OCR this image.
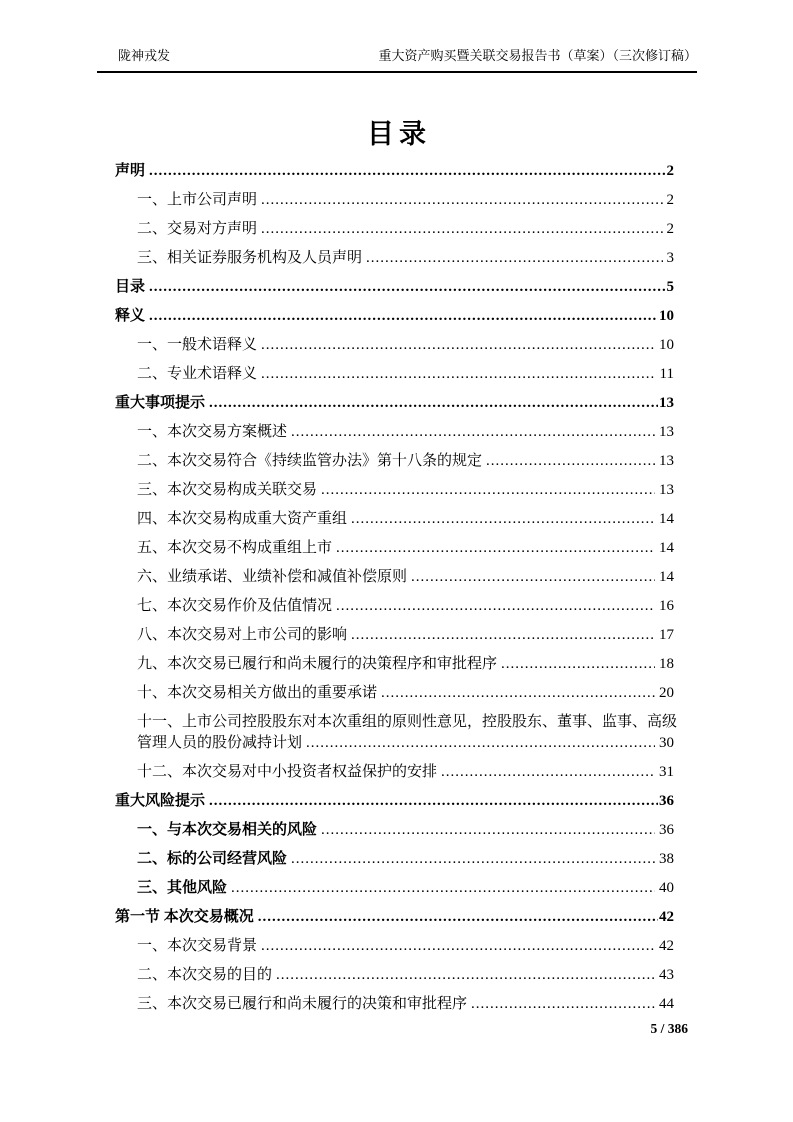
陇神戎发	重大资产购买暨关联交易报告书（草案）（三次修订稿）
目录
声明 .....	2
一、上市公司声明 .....	2
二、交易对方声明 .....	2
三、相关证券服务机构及人员声明 .....	3
目录 .....	5
释义 .....	10
一、一般术语释义 .....	10
二、专业术语释义 .....	11
重大事项提示 .....	13
一、本次交易方案概述 .....	13
二、本次交易符合《持续监管办法》第十八条的规定 .....	13
三、本次交易构成关联交易 .....	13
四、本次交易构成重大资产重组 .....	14
五、本次交易不构成重组上市 .....	14
六、业绩承诺、业绩补偿和减值补偿原则 .....	14
七、本次交易作价及估值情况 .....	16
八、本次交易对上市公司的影响 .....	17
九、本次交易已履行和尚未履行的决策程序和审批程序 .....	18
十、本次交易相关方做出的重要承诺 .....	20
十一、上市公司控股股东对本次重组的原则性意见，控股股东、董事、监事、高级
管理人员的股份减持计划 .....	30
十二、本次交易对中小投资者权益保护的安排 .....	31
重大风险提示 .....	36
一、与本次交易相关的风险 .....	36
二、标的公司经营风险 .....	38
三、其他风险 .....	40
第一节 本次交易概况 .....	42
一、本次交易背景 .....	42
二、本次交易的目的 .....	43
三、本次交易已履行和尚未履行的决策和审批程序 .....	44
5 / 386
